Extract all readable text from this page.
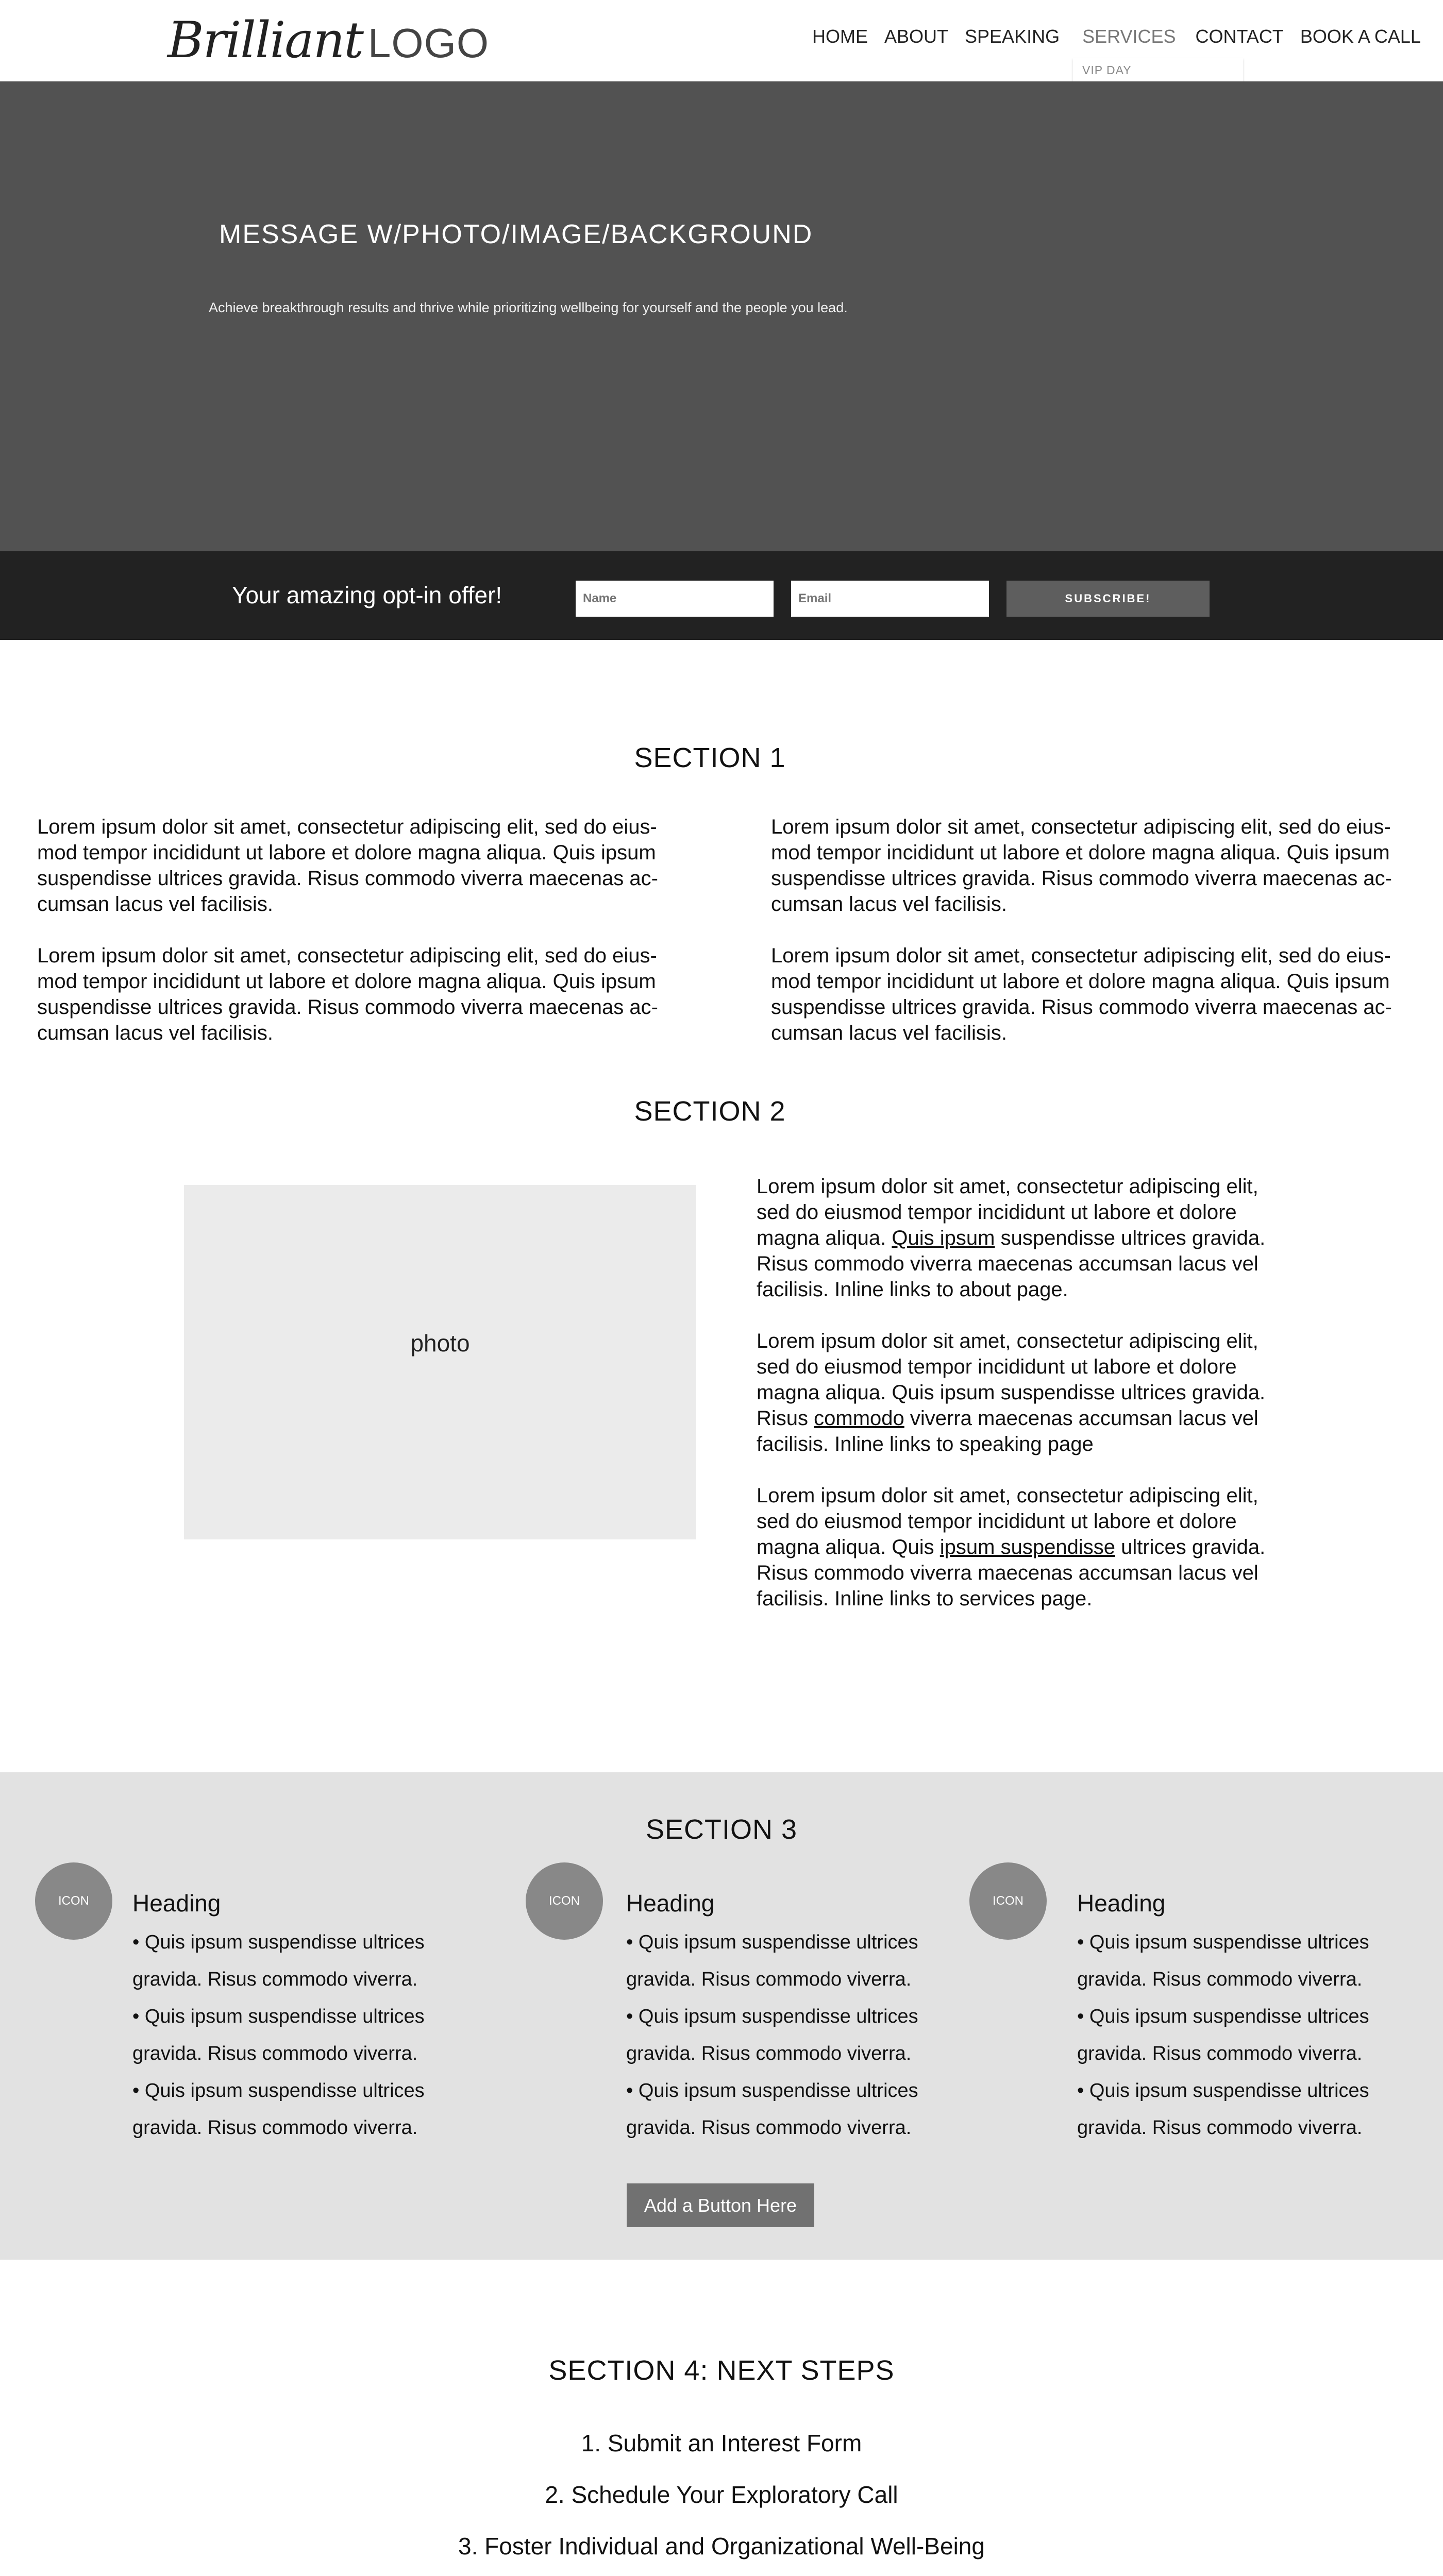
Brilliant LOGO	HOME ABOUT SPEAKING SERVICES CONTACT BOOK A CALL
VIP DAY
MESSAGE W/PHOTO/IMAGE/BACKGROUND
Achieve breakthrough results and thrive while prioritizing wellbeing for yourself and the people you lead.
Your amazing opt-in offer!
Name
Email	SUBSCRIBE!
SECTION 1
Lorem ipsum dolor sit amet, consectetur adipiscing elit, sed do eius-mod tempor incididunt ut labore et dolore magna aliqua. Quis ipsum suspendisse ultrices gravida. Risus commodo viverra maecenas ac-cumsan lacus vel facilisis.
Lorem ipsum dolor sit amet, consectetur adipiscing elit, sed do eius-mod tempor incididunt ut labore et dolore magna aliqua. Quis ipsum suspendisse ultrices gravida. Risus commodo viverra maecenas ac-cumsan lacus vel facilisis.
Lorem ipsum dolor sit amet, consectetur adipiscing elit, sed do eius-mod tempor incididunt ut labore et dolore magna aliqua. Quis ipsum suspendisse ultrices gravida. Risus commodo viverra maecenas ac-cumsan lacus vel facilisis.
Lorem ipsum dolor sit amet, consectetur adipiscing elit, sed do eius-mod tempor incididunt ut labore et dolore magna aliqua. Quis ipsum suspendisse ultrices gravida. Risus commodo viverra maecenas ac-cumsan lacus vel facilisis.
SECTION 2
photo
Lorem ipsum dolor sit amet, consectetur adipiscing elit, sed do eiusmod tempor incididunt ut labore et dolore magna aliqua. Quis ipsum suspendisse ultrices gravida. Risus commodo viverra maecenas accumsan lacus vel facilisis. Inline links to about page.
Lorem ipsum dolor sit amet, consectetur adipiscing elit, sed do eiusmod tempor incididunt ut labore et dolore magna aliqua. Quis ipsum suspendisse ultrices gravida. Risus commodo viverra maecenas accumsan lacus vel facilisis. Inline links to speaking page
Lorem ipsum dolor sit amet, consectetur adipiscing elit, sed do eiusmod tempor incididunt ut labore et dolore magna aliqua. Quis ipsum suspendisse ultrices gravida. Risus commodo viverra maecenas accumsan lacus vel facilisis. Inline links to services page.
SECTION 3
ICON	Heading
• Quis ipsum suspendisse ultrices
gravida. Risus commodo viverra.
• Quis ipsum suspendisse ultrices
gravida. Risus commodo viverra.
• Quis ipsum suspendisse ultrices
gravida. Risus commodo viverra.
ICON	Heading
• Quis ipsum suspendisse ultrices
gravida. Risus commodo viverra.
• Quis ipsum suspendisse ultrices
gravida. Risus commodo viverra.
• Quis ipsum suspendisse ultrices
gravida. Risus commodo viverra.
ICON	Heading
• Quis ipsum suspendisse ultrices
gravida. Risus commodo viverra.
• Quis ipsum suspendisse ultrices
gravida. Risus commodo viverra.
• Quis ipsum suspendisse ultrices
gravida. Risus commodo viverra.
Add a Button Here
SECTION 4: NEXT STEPS
1. Submit an Interest Form
2. Schedule Your Exploratory Call
3. Foster Individual and Organizational Well-Being
